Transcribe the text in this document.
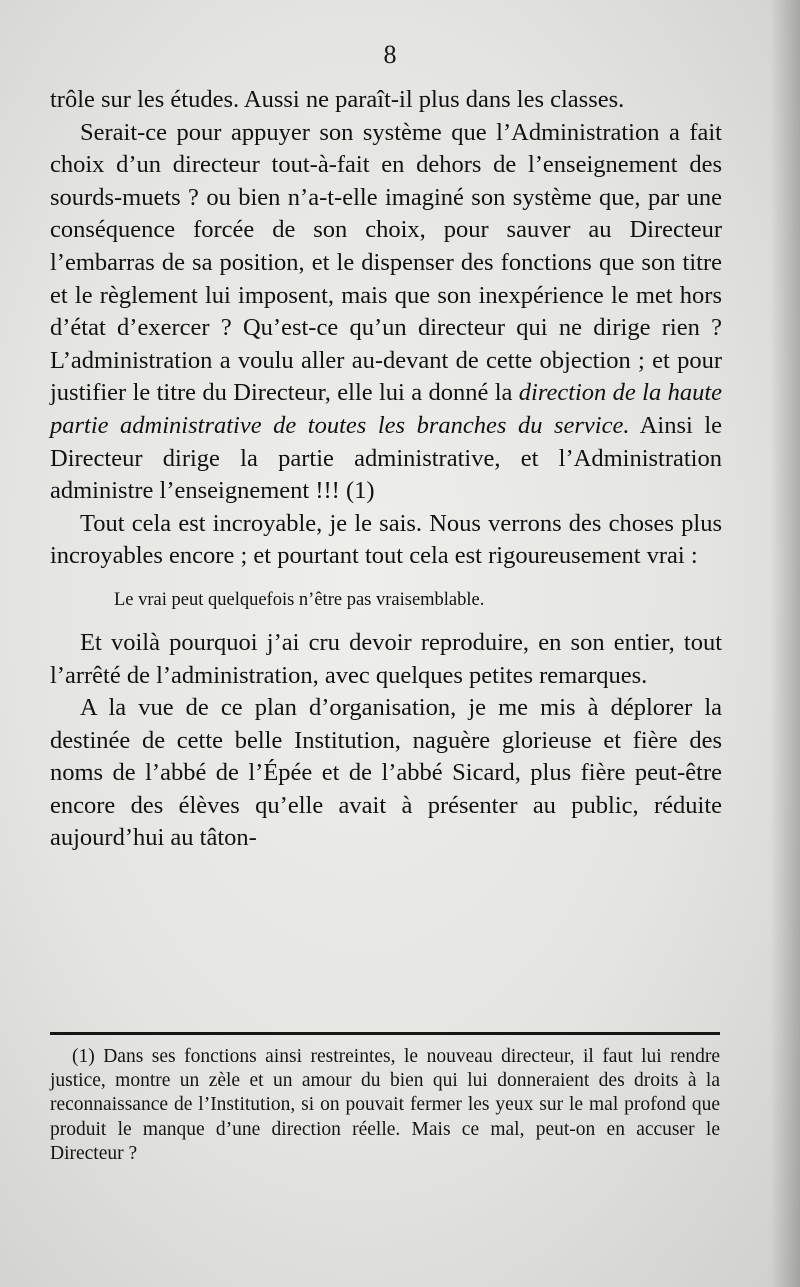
8

trôle sur les études. Aussi ne paraît-il plus dans les classes.

Serait-ce pour appuyer son système que l’Administration a fait choix d’un directeur tout-à-fait en dehors de l’enseignement des sourds-muets ? ou bien n’a-t-elle imaginé son système que, par une conséquence forcée de son choix, pour sauver au Directeur l’embarras de sa position, et le dispenser des fonctions que son titre et le règlement lui imposent, mais que son inexpérience le met hors d’état d’exercer ? Qu’est-ce qu’un directeur qui ne dirige rien ? L’administration a voulu aller au-devant de cette objection ; et pour justifier le titre du Directeur, elle lui a donné la direction de la haute partie administrative de toutes les branches du service. Ainsi le Directeur dirige la partie administrative, et l’Administration administre l’enseignement !!! (1)

Tout cela est incroyable, je le sais. Nous verrons des choses plus incroyables encore ; et pourtant tout cela est rigoureusement vrai :

Le vrai peut quelquefois n’être pas vraisemblable.

Et voilà pourquoi j’ai cru devoir reproduire, en son entier, tout l’arrêté de l’administration, avec quelques petites remarques.

A la vue de ce plan d’organisation, je me mis à déplorer la destinée de cette belle Institution, naguère glorieuse et fière des noms de l’abbé de l’Épée et de l’abbé Sicard, plus fière peut-être encore des élèves qu’elle avait à présenter au public, réduite aujourd’hui au tâton-

(1) Dans ses fonctions ainsi restreintes, le nouveau directeur, il faut lui rendre justice, montre un zèle et un amour du bien qui lui donneraient des droits à la reconnaissance de l’Institution, si on pouvait fermer les yeux sur le mal profond que produit le manque d’une direction réelle. Mais ce mal, peut-on en accuser le Directeur ?
